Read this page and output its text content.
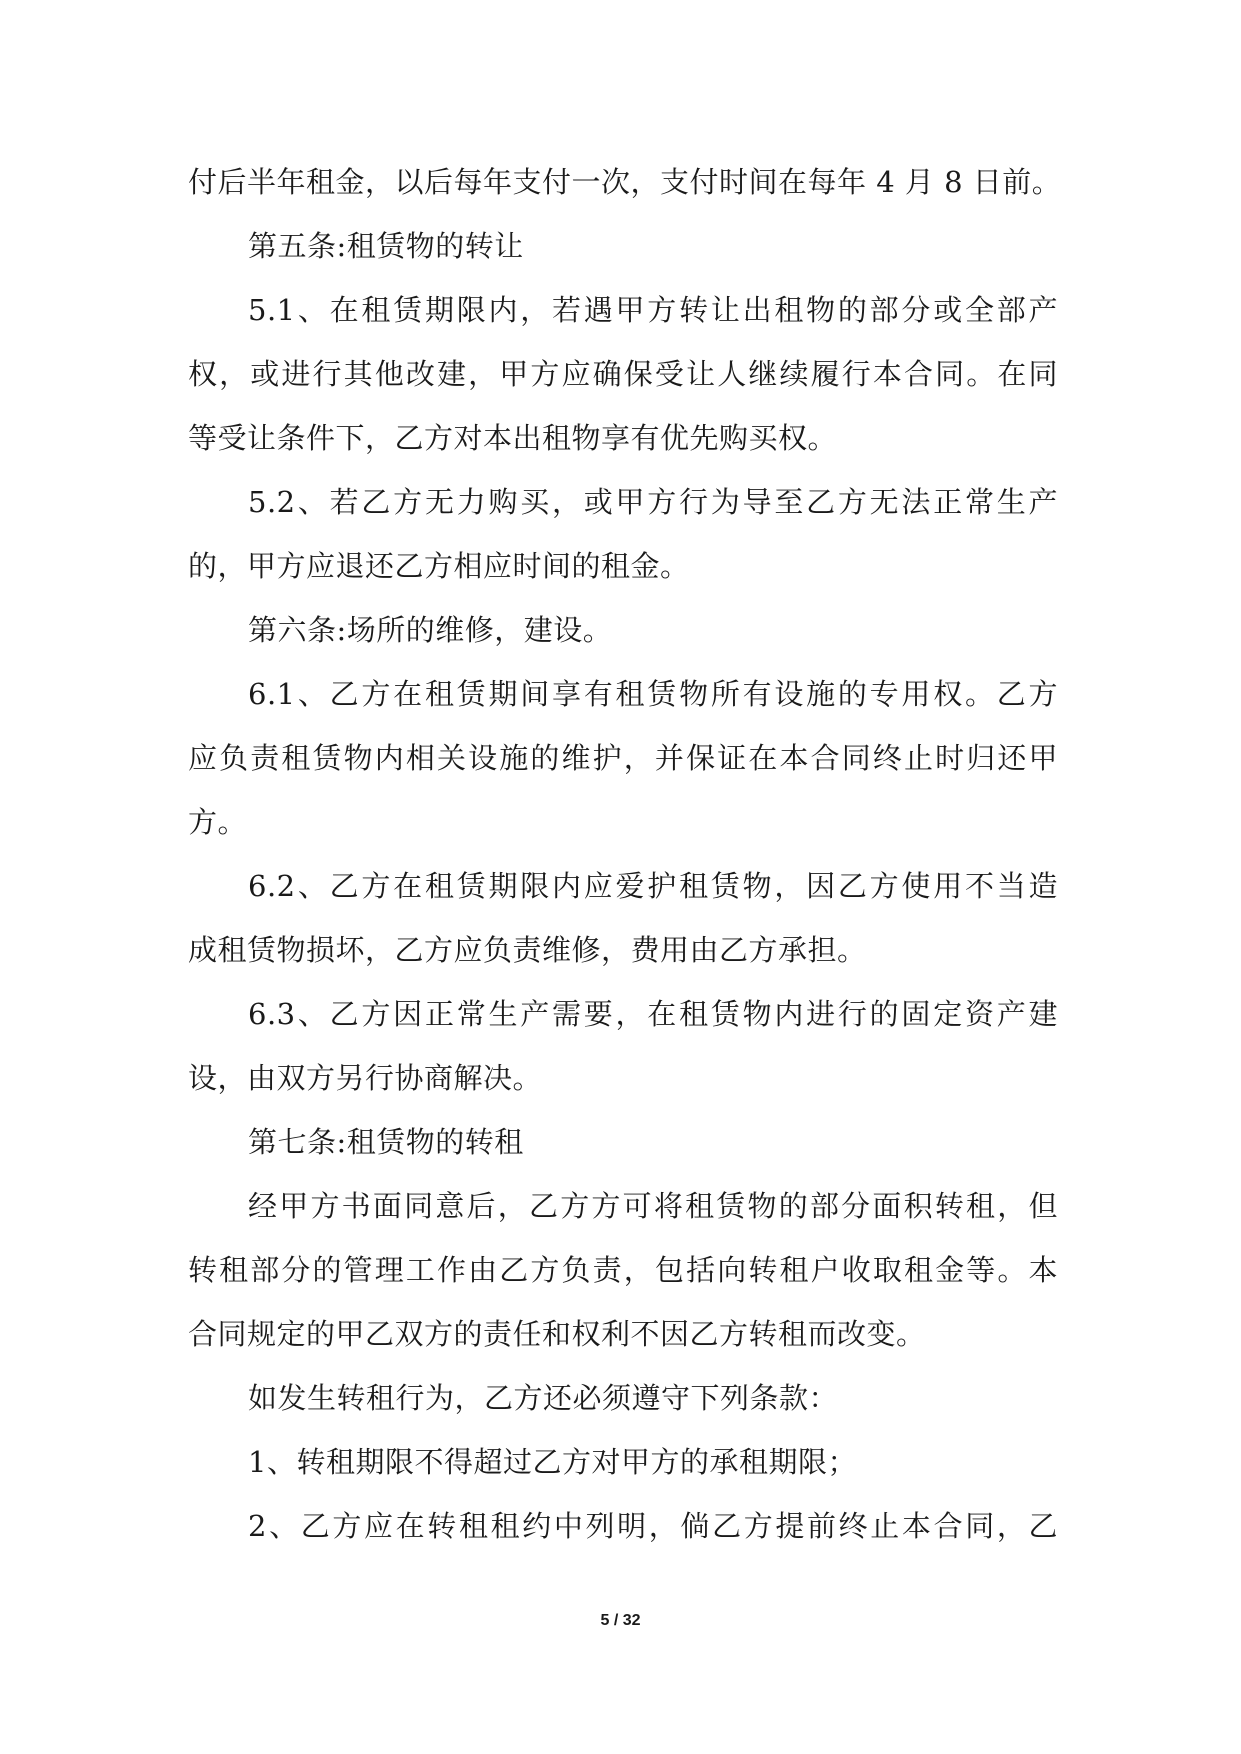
付后半年租金，以后每年支付一次，支付时间在每年 4 月 8 日前。
第五条:租赁物的转让
5.1、在租赁期限内，若遇甲方转让出租物的部分或全部产
权，或进行其他改建，甲方应确保受让人继续履行本合同。在同
等受让条件下，乙方对本出租物享有优先购买权。
5.2、若乙方无力购买，或甲方行为导至乙方无法正常生产
的，甲方应退还乙方相应时间的租金。
第六条:场所的维修，建设。
6.1、乙方在租赁期间享有租赁物所有设施的专用权。乙方
应负责租赁物内相关设施的维护，并保证在本合同终止时归还甲
方。
6.2、乙方在租赁期限内应爱护租赁物，因乙方使用不当造
成租赁物损坏，乙方应负责维修，费用由乙方承担。
6.3、乙方因正常生产需要，在租赁物内进行的固定资产建
设，由双方另行协商解决。
第七条:租赁物的转租
经甲方书面同意后，乙方方可将租赁物的部分面积转租，但
转租部分的管理工作由乙方负责，包括向转租户收取租金等。本
合同规定的甲乙双方的责任和权利不因乙方转租而改变。
如发生转租行为，乙方还必须遵守下列条款：
1、转租期限不得超过乙方对甲方的承租期限；
2、乙方应在转租租约中列明，倘乙方提前终止本合同，乙
5 / 32
